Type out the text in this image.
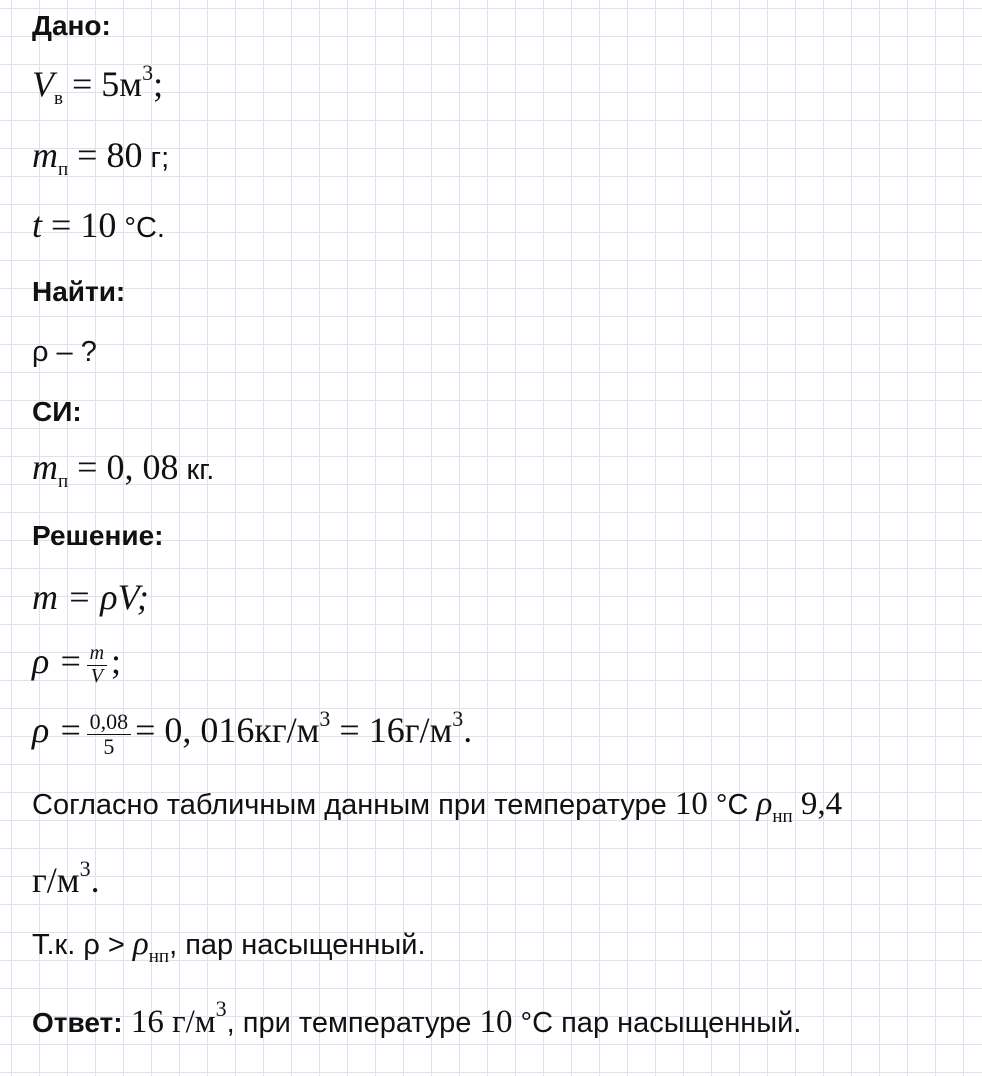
Дано:
$V_в = 5м^3$;
$m_п = 80$ г;
t = 10 °C.
Найти:
ρ – ?
СИ:
$m_п = 0$, 08 кг.
Решение:
m = ρV;
$\rho = \frac{m}{V}$ ;
$\rho = \frac{0,08}{5} = 0$, $016кг/м^3 = 16г/м^3$.
Согласно табличным данным при температуре 10 °C $\rho_{нп}$ 9,4
$г/м^3$.
Т.к. $\rho > \rho_{нп}$, пар насыщенный.
Ответ: 16 $г/м^3$, при температуре 10 °C пар насыщенный.
